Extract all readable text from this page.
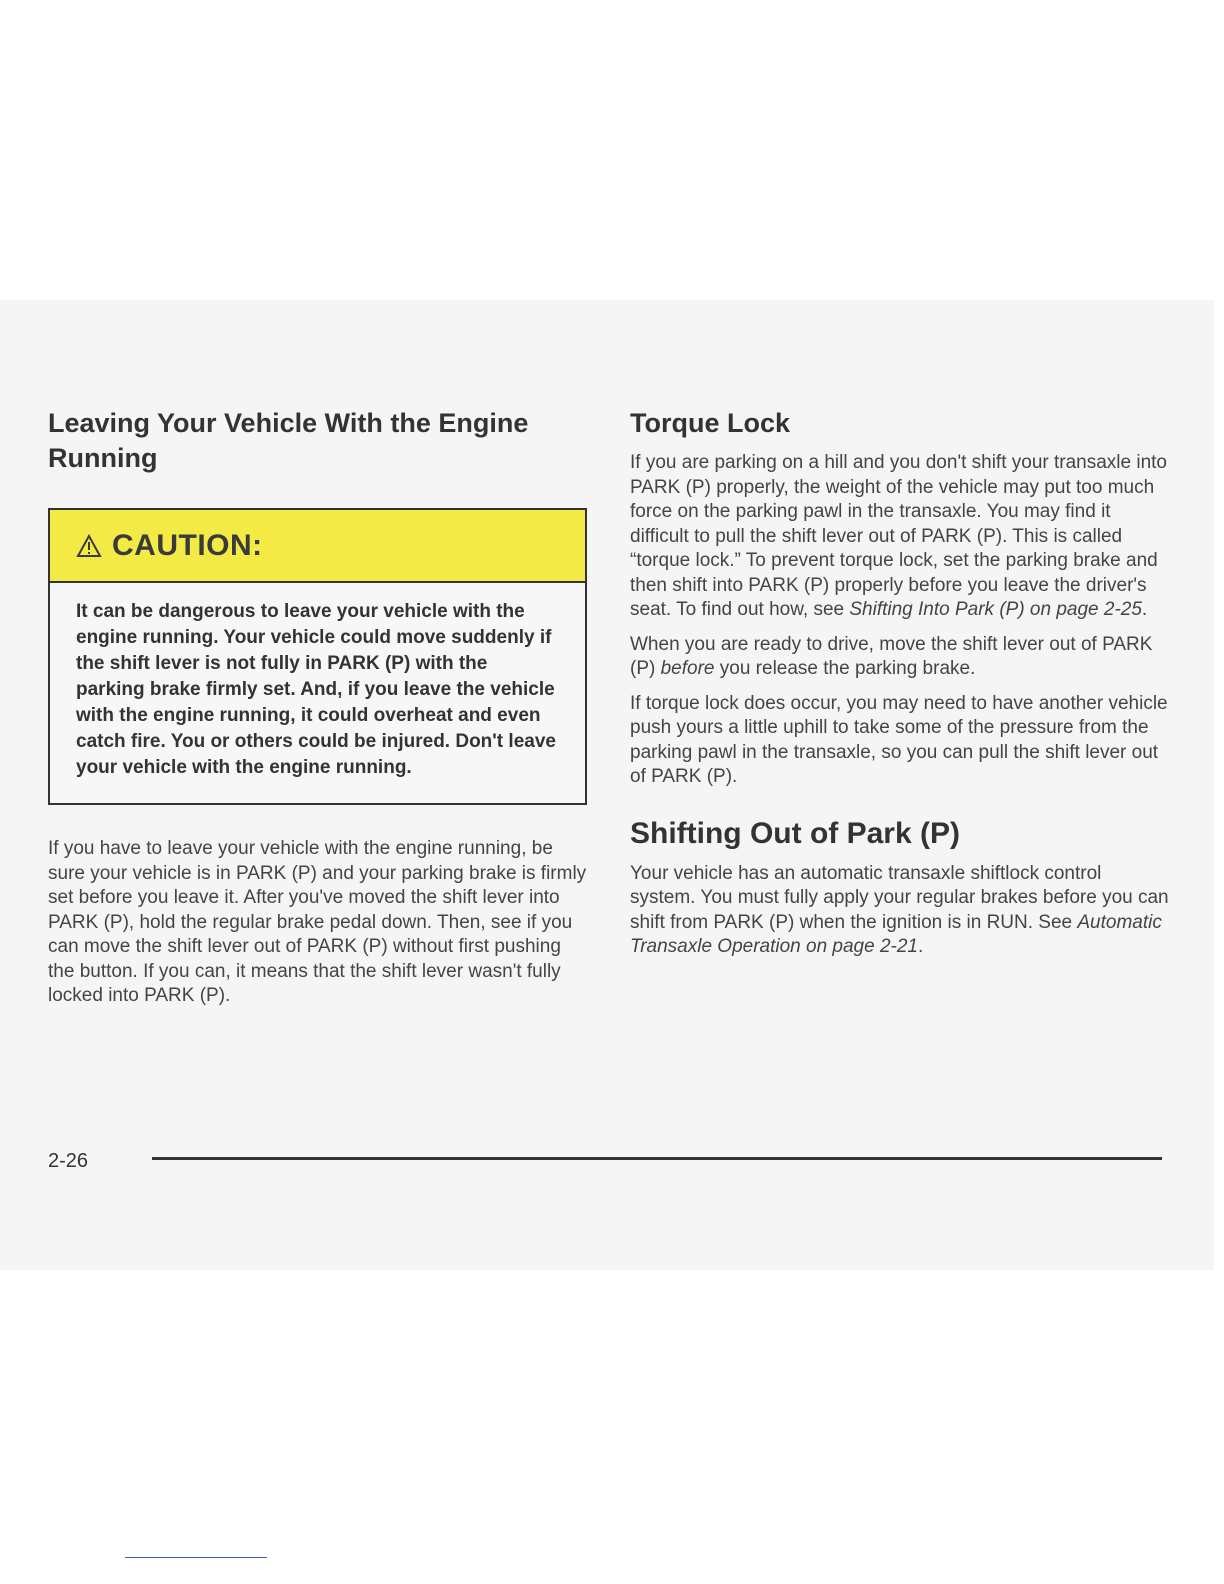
Leaving Your Vehicle With the Engine Running
CAUTION:
It can be dangerous to leave your vehicle with the engine running. Your vehicle could move suddenly if the shift lever is not fully in PARK (P) with the parking brake firmly set. And, if you leave the vehicle with the engine running, it could overheat and even catch fire. You or others could be injured. Don't leave your vehicle with the engine running.

If you have to leave your vehicle with the engine running, be sure your vehicle is in PARK (P) and your parking brake is firmly set before you leave it. After you've moved the shift lever into PARK (P), hold the regular brake pedal down. Then, see if you can move the shift lever out of PARK (P) without first pushing the button. If you can, it means that the shift lever wasn't fully locked into PARK (P).

Torque Lock

If you are parking on a hill and you don't shift your transaxle into PARK (P) properly, the weight of the vehicle may put too much force on the parking pawl in the transaxle. You may find it difficult to pull the shift lever out of PARK (P). This is called “torque lock.” To prevent torque lock, set the parking brake and then shift into PARK (P) properly before you leave the driver's seat. To find out how, see Shifting Into Park (P) on page 2-25.

When you are ready to drive, move the shift lever out of PARK (P) before you release the parking brake.

If torque lock does occur, you may need to have another vehicle push yours a little uphill to take some of the pressure from the parking pawl in the transaxle, so you can pull the shift lever out of PARK (P).

Shifting Out of Park (P)

Your vehicle has an automatic transaxle shiftlock control system. You must fully apply your regular brakes before you can shift from PARK (P) when the ignition is in RUN. See Automatic Transaxle Operation on page 2-21.

2-26
